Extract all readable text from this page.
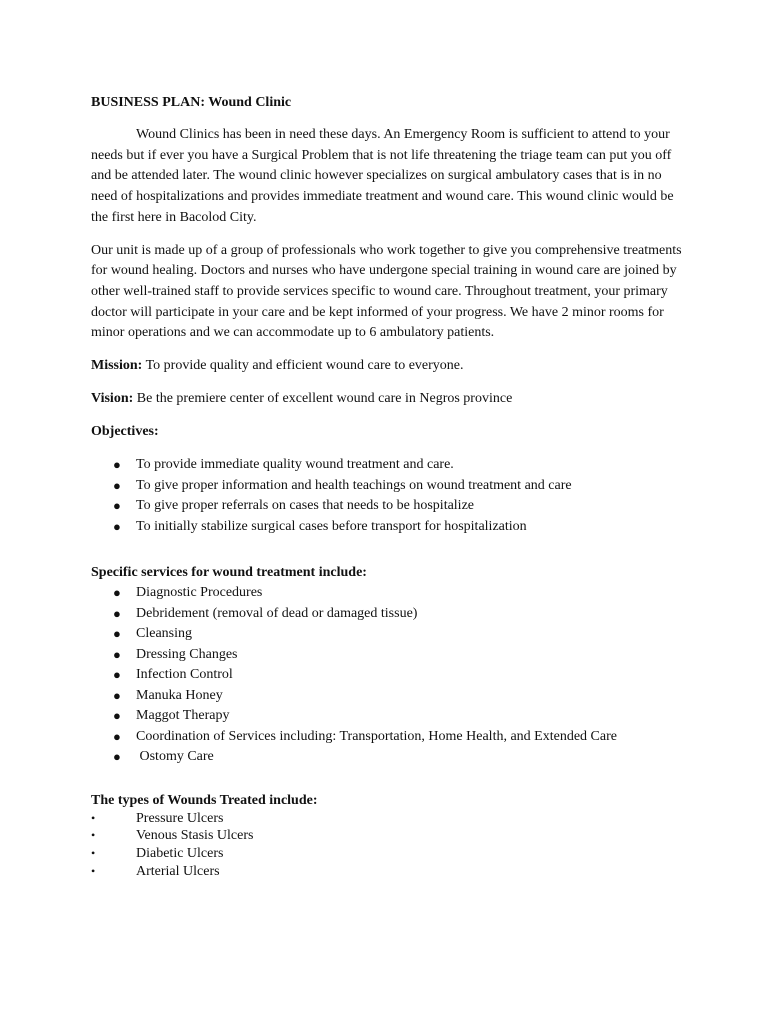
BUSINESS PLAN: Wound Clinic

Wound Clinics has been in need these days. An Emergency Room is sufficient to attend to your needs but if ever you have a Surgical Problem that is not life threatening the triage team can put you off and be attended later. The wound clinic however specializes on surgical ambulatory cases that is in no need of hospitalizations and provides immediate treatment and wound care. This wound clinic would be the first here in Bacolod City.

Our unit is made up of a group of professionals who work together to give you comprehensive treatments for wound healing. Doctors and nurses who have undergone special training in wound care are joined by other well-trained staff to provide services specific to wound care. Throughout treatment, your primary doctor will participate in your care and be kept informed of your progress. We have 2 minor rooms for minor operations and we can accommodate up to 6 ambulatory patients.

Mission: To provide quality and efficient wound care to everyone.
Vision: Be the premiere center of excellent wound care in Negros province
Objectives:
● To provide immediate quality wound treatment and care.
● To give proper information and health teachings on wound treatment and care
● To give proper referrals on cases that needs to be hospitalize
● To initially stabilize surgical cases before transport for hospitalization
Specific services for wound treatment include:
● Diagnostic Procedures
● Debridement (removal of dead or damaged tissue)
● Cleansing
● Dressing Changes
● Infection Control
● Manuka Honey
● Maggot Therapy
● Coordination of Services including: Transportation, Home Health, and Extended Care
● Ostomy Care
The types of Wounds Treated include:
•	Pressure Ulcers
•	Venous Stasis Ulcers
•	Diabetic Ulcers
•	Arterial Ulcers
